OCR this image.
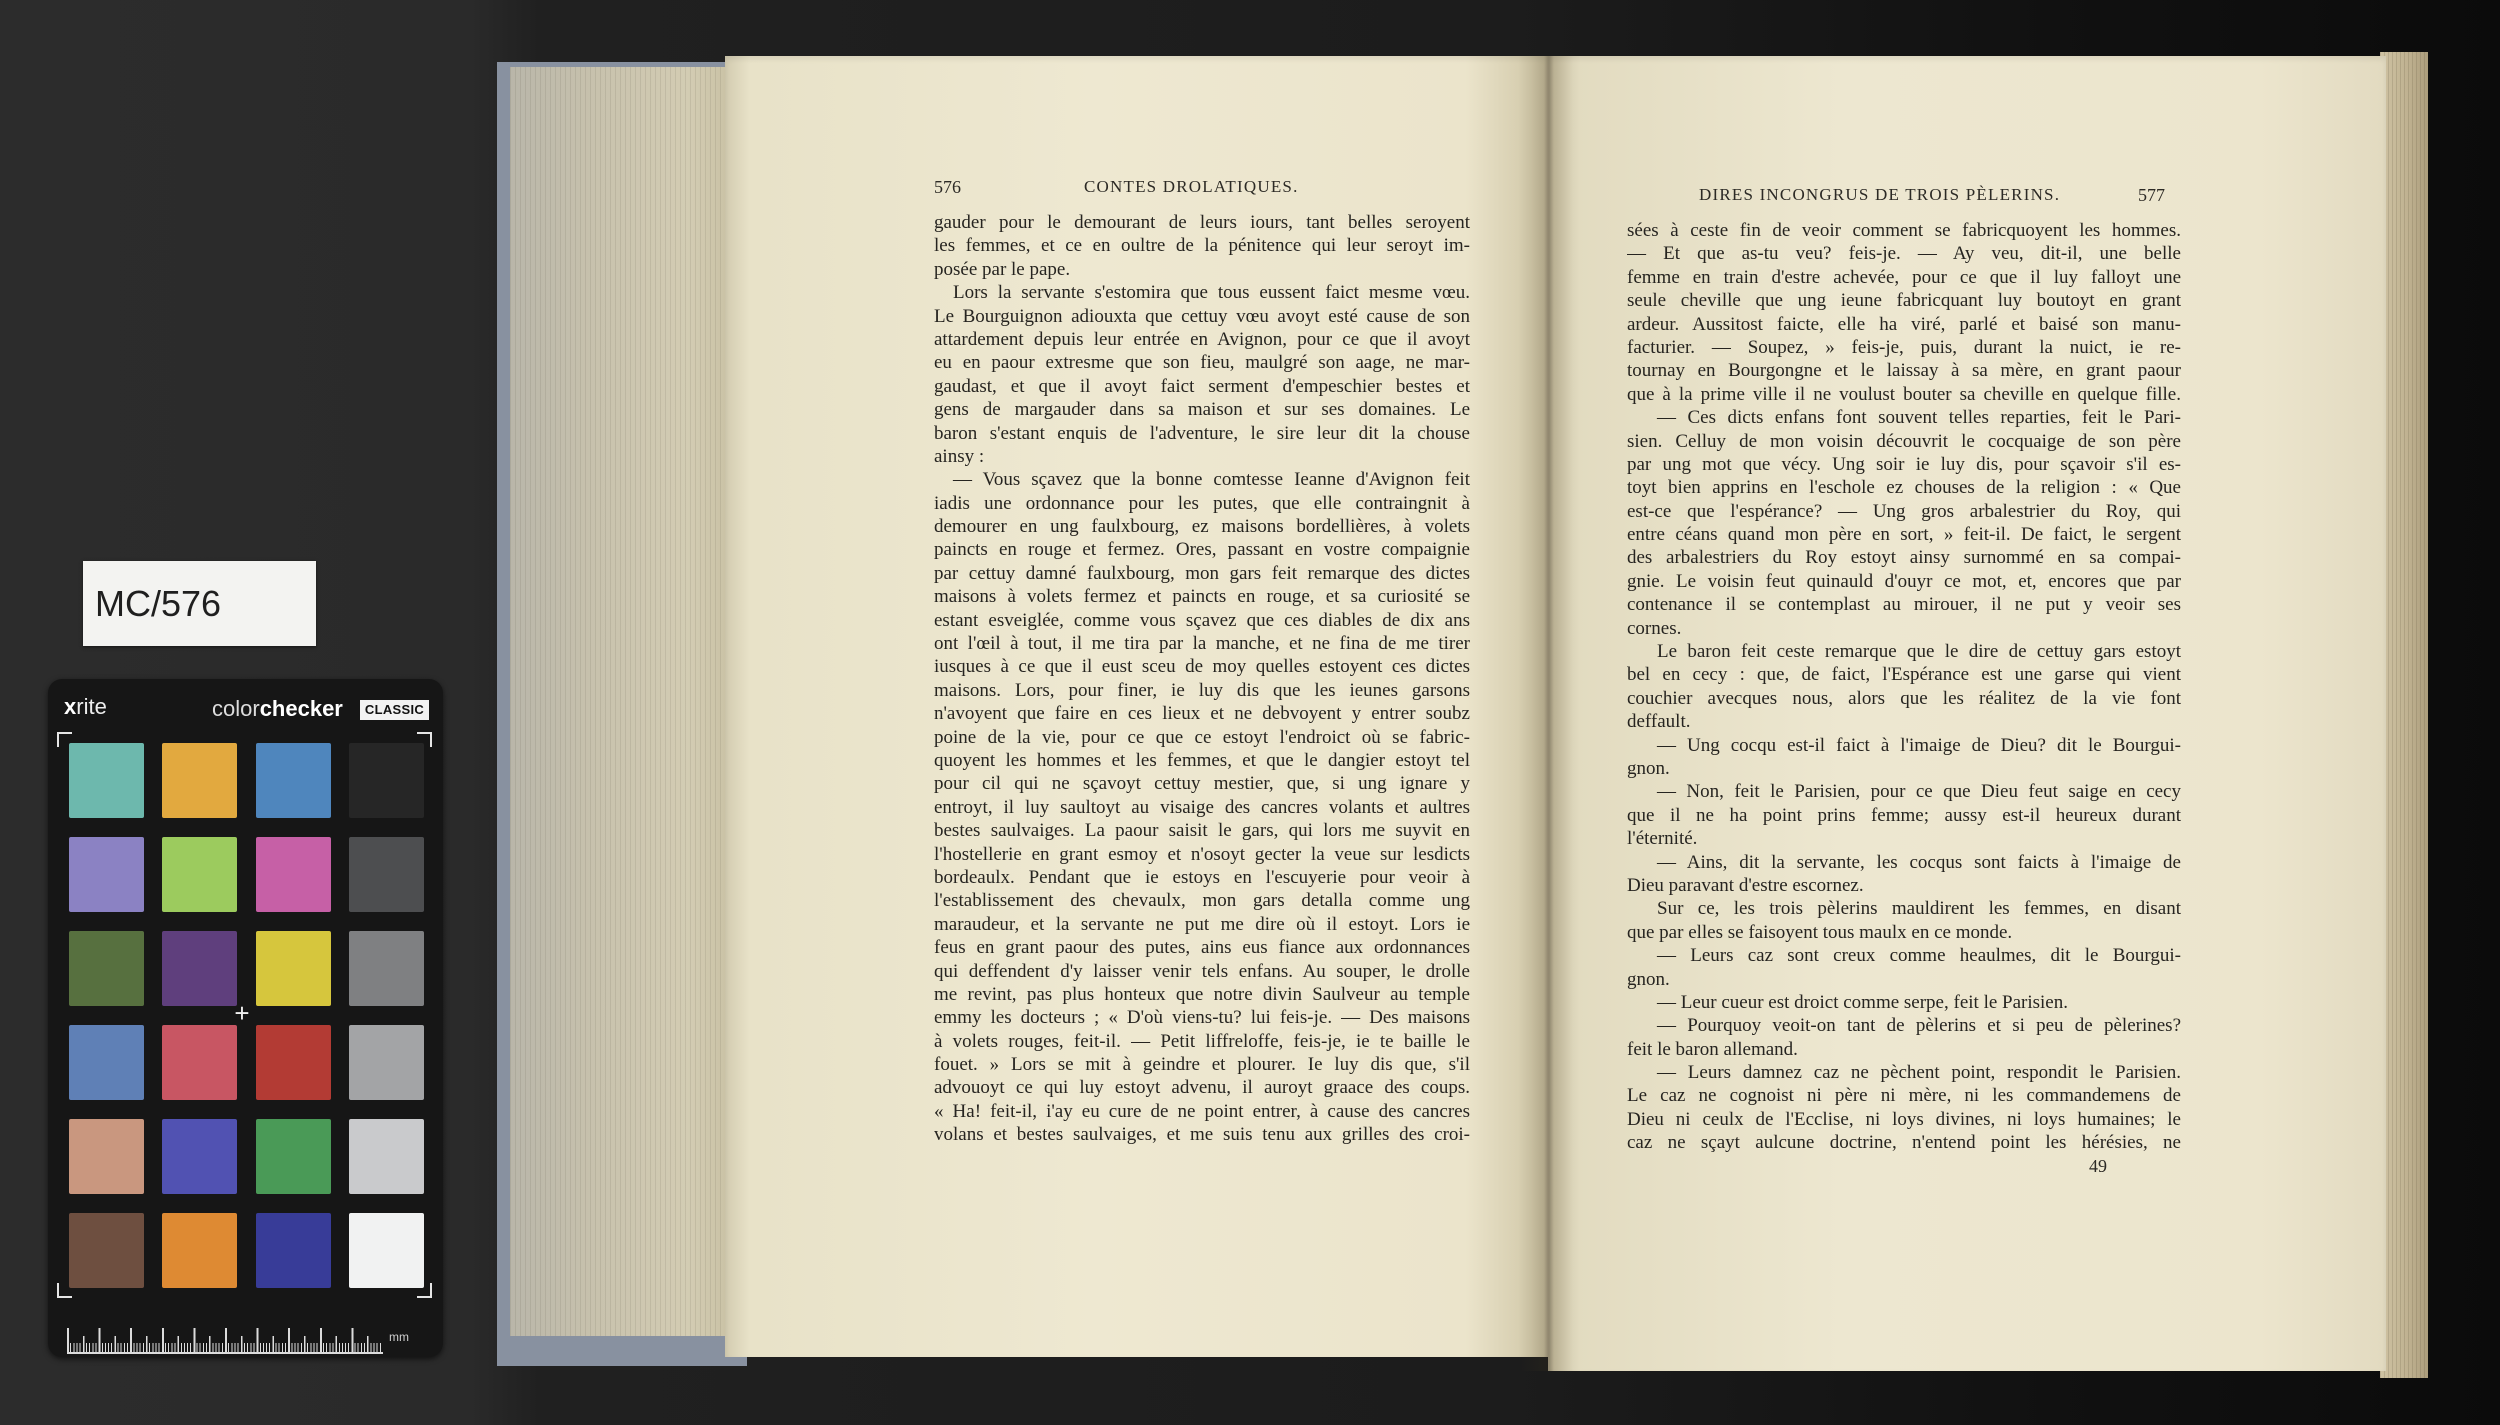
MC/576
xrite	colorchecker	CLASSIC
+
mm
576	CONTES DROLATIQUES.	DIRES INCONGRUS DE TROIS PÈLERINS.	577
gauder pour le demourant de leurs iours, tant belles seroyent
les femmes, et ce en oultre de la pénitence qui leur seroyt im-
posée par le pape.
Lors la servante s'estomira que tous eussent faict mesme vœu.
Le Bourguignon adiouxta que cettuy vœu avoyt esté cause de son
attardement depuis leur entrée en Avignon, pour ce que il avoyt
eu en paour extresme que son fieu, maulgré son aage, ne mar-
gaudast, et que il avoyt faict serment d'empeschier bestes et
gens de margauder dans sa maison et sur ses domaines. Le
baron s'estant enquis de l'adventure, le sire leur dit la chouse
ainsy :
— Vous sçavez que la bonne comtesse Ieanne d'Avignon feit
iadis une ordonnance pour les putes, que elle contraingnit à
demourer en ung faulxbourg, ez maisons bordellières, à volets
paincts en rouge et fermez. Ores, passant en vostre compaignie
par cettuy damné faulxbourg, mon gars feit remarque des dictes
maisons à volets fermez et paincts en rouge, et sa curiosité se
estant esveiglée, comme vous sçavez que ces diables de dix ans
ont l'œil à tout, il me tira par la manche, et ne fina de me tirer
iusques à ce que il eust sceu de moy quelles estoyent ces dictes
maisons. Lors, pour finer, ie luy dis que les ieunes garsons
n'avoyent que faire en ces lieux et ne debvoyent y entrer soubz
poine de la vie, pour ce que ce estoyt l'endroict où se fabric-
quoyent les hommes et les femmes, et que le dangier estoyt tel
pour cil qui ne sçavoyt cettuy mestier, que, si ung ignare y
entroyt, il luy saultoyt au visaige des cancres volants et aultres
bestes saulvaiges. La paour saisit le gars, qui lors me suyvit en
l'hostellerie en grant esmoy et n'osoyt gecter la veue sur lesdicts
bordeaulx. Pendant que ie estoys en l'escuyerie pour veoir à
l'establissement des chevaulx, mon gars detalla comme ung
maraudeur, et la servante ne put me dire où il estoyt. Lors ie
feus en grant paour des putes, ains eus fiance aux ordonnances
qui deffendent d'y laisser venir tels enfans. Au souper, le drolle
me revint, pas plus honteux que notre divin Saulveur au temple
emmy les docteurs ; « D'où viens-tu? lui feis-je. — Des maisons
à volets rouges, feit-il. — Petit liffreloffe, feis-je, ie te baille le
fouet. » Lors se mit à geindre et plourer. Ie luy dis que, s'il
advouoyt ce qui luy estoyt advenu, il auroyt graace des coups.
« Ha! feit-il, i'ay eu cure de ne point entrer, à cause des cancres
volans et bestes saulvaiges, et me suis tenu aux grilles des croi-
sées à ceste fin de veoir comment se fabricquoyent les hommes.
— Et que as-tu veu? feis-je. — Ay veu, dit-il, une belle
femme en train d'estre achevée, pour ce que il luy falloyt une
seule cheville que ung ieune fabricquant luy boutoyt en grant
ardeur. Aussitost faicte, elle ha viré, parlé et baisé son manu-
facturier. — Soupez, » feis-je, puis, durant la nuict, ie re-
tournay en Bourgongne et le laissay à sa mère, en grant paour
que à la prime ville il ne voulust bouter sa cheville en quelque fille.
— Ces dicts enfans font souvent telles reparties, feit le Pari-
sien. Celluy de mon voisin découvrit le cocquaige de son père
par ung mot que vécy. Ung soir ie luy dis, pour sçavoir s'il es-
toyt bien apprins en l'eschole ez chouses de la religion : « Que
est-ce que l'espérance? — Ung gros arbalestrier du Roy, qui
entre céans quand mon père en sort, » feit-il. De faict, le sergent
des arbalestriers du Roy estoyt ainsy surnommé en sa compai-
gnie. Le voisin feut quinauld d'ouyr ce mot, et, encores que par
contenance il se contemplast au mirouer, il ne put y veoir ses
cornes.
Le baron feit ceste remarque que le dire de cettuy gars estoyt
bel en cecy : que, de faict, l'Espérance est une garse qui vient
couchier avecques nous, alors que les réalitez de la vie font
deffault.
— Ung cocqu est-il faict à l'imaige de Dieu? dit le Bourgui-
gnon.
— Non, feit le Parisien, pour ce que Dieu feut saige en cecy
que il ne ha point prins femme; aussy est-il heureux durant
l'éternité.
— Ains, dit la servante, les cocqus sont faicts à l'imaige de
Dieu paravant d'estre escornez.
Sur ce, les trois pèlerins mauldirent les femmes, en disant
que par elles se faisoyent tous maulx en ce monde.
— Leurs caz sont creux comme heaulmes, dit le Bourgui-
gnon.
— Leur cueur est droict comme serpe, feit le Parisien.
— Pourquoy veoit-on tant de pèlerins et si peu de pèlerines?
feit le baron allemand.
— Leurs damnez caz ne pèchent point, respondit le Parisien.
Le caz ne cognoist ni père ni mère, ni les commandemens de
Dieu ni ceulx de l'Ecclise, ni loys divines, ni loys humaines; le
caz ne sçayt aulcune doctrine, n'entend point les hérésies, ne
49
